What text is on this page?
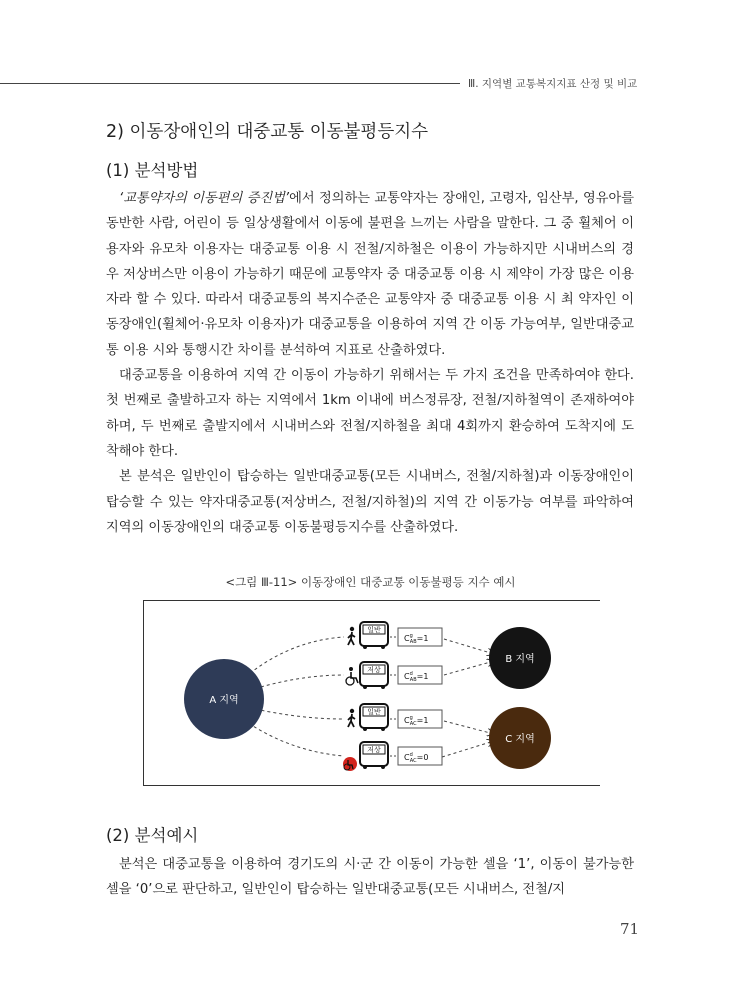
Ⅲ. 지역별 교통복지지표 산정 및 비교
2) 이동장애인의 대중교통 이동불평등지수
(1) 분석방법

‘교통약자의 이동편의 증진법’에서 정의하는 교통약자는 장애인, 고령자, 임산부, 영유아를 동반한 사람, 어린이 등 일상생활에서 이동에 불편을 느끼는 사람을 말한다. 그 중 휠체어 이용자와 유모차 이용자는 대중교통 이용 시 전철/지하철은 이용이 가능하지만 시내버스의 경우 저상버스만 이용이 가능하기 때문에 교통약자 중 대중교통 이용 시 제약이 가장 많은 이용자라 할 수 있다. 따라서 대중교통의 복지수준은 교통약자 중 대중교통 이용 시 최 약자인 이동장애인(휠체어·유모차 이용자)가 대중교통을 이용하여 지역 간 이동 가능여부, 일반대중교통 이용 시와 통행시간 차이를 분석하여 지표로 산출하였다.

대중교통을 이용하여 지역 간 이동이 가능하기 위해서는 두 가지 조건을 만족하여야 한다. 첫 번째로 출발하고자 하는 지역에서 1km 이내에 버스정류장, 전철/지하철역이 존재하여야 하며, 두 번째로 출발지에서 시내버스와 전철/지하철을 최대 4회까지 환승하여 도착지에 도착해야 한다.

본 분석은 일반인이 탑승하는 일반대중교통(모든 시내버스, 전철/지하철)과 이동장애인이 탑승할 수 있는 약자대중교통(저상버스, 전철/지하철)의 지역 간 이동가능 여부를 파악하여 지역의 이동장애인의 대중교통 이동불평등지수를 산출하였다.

<그림 Ⅲ-11> 이동장애인 대중교통 이동불평등 지수 예시
A 지역
B 지역
C 지역
일반
저상
일반
저상
$C^g$ AB=1
$C^d$ AB=1
$C^g$ AC=1
$C^d$ AC=0
(2) 분석예시

분석은 대중교통을 이용하여 경기도의 시·군 간 이동이 가능한 셀을 ‘1’, 이동이 불가능한 셀을 ‘0’으로 판단하고, 일반인이 탑승하는 일반대중교통(모든 시내버스, 전철/지

71
